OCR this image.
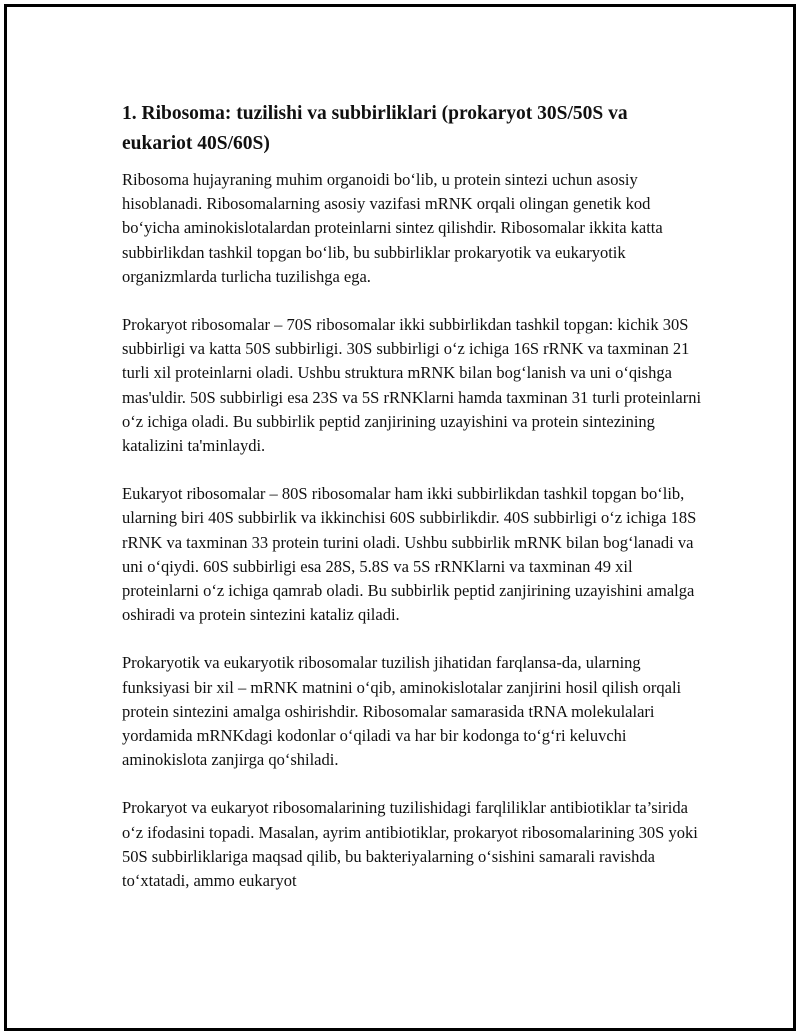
1. Ribosoma: tuzilishi va subbirliklari (prokaryot 30S/50S va eukariot 40S/60S)

Ribosoma hujayraning muhim organoidi bo‘lib, u protein sintezi uchun asosiy hisoblanadi. Ribosomalarning asosiy vazifasi mRNK orqali olingan genetik kod bo‘yicha aminokislotalardan proteinlarni sintez qilishdir. Ribosomalar ikkita katta subbirlikdan tashkil topgan bo‘lib, bu subbirliklar prokaryotik va eukaryotik organizmlarda turlicha tuzilishga ega.

Prokaryot ribosomalar – 70S ribosomalar ikki subbirlikdan tashkil topgan: kichik 30S subbirligi va katta 50S subbirligi. 30S subbirligi o‘z ichiga 16S rRNK va taxminan 21 turli xil proteinlarni oladi. Ushbu struktura mRNK bilan bog‘lanish va uni o‘qishga mas'uldir. 50S subbirligi esa 23S va 5S rRNKlarni hamda taxminan 31 turli proteinlarni o‘z ichiga oladi. Bu subbirlik peptid zanjirining uzayishini va protein sintezining katalizini ta'minlaydi.

Eukaryot ribosomalar – 80S ribosomalar ham ikki subbirlikdan tashkil topgan bo‘lib, ularning biri 40S subbirlik va ikkinchisi 60S subbirlikdir. 40S subbirligi o‘z ichiga 18S rRNK va taxminan 33 protein turini oladi. Ushbu subbirlik mRNK bilan bog‘lanadi va uni o‘qiydi. 60S subbirligi esa 28S, 5.8S va 5S rRNKlarni va taxminan 49 xil proteinlarni o‘z ichiga qamrab oladi. Bu subbirlik peptid zanjirining uzayishini amalga oshiradi va protein sintezini kataliz qiladi.

Prokaryotik va eukaryotik ribosomalar tuzilish jihatidan farqlansa-da, ularning funksiyasi bir xil – mRNK matnini o‘qib, aminokislotalar zanjirini hosil qilish orqali protein sintezini amalga oshirishdir. Ribosomalar samarasida tRNA molekulalari yordamida mRNKdagi kodonlar o‘qiladi va har bir kodonga to‘g‘ri keluvchi aminokislota zanjirga qo‘shiladi.

Prokaryot va eukaryot ribosomalarining tuzilishidagi farqliliklar antibiotiklar ta’sirida o‘z ifodasini topadi. Masalan, ayrim antibiotiklar, prokaryot ribosomalarining 30S yoki 50S subbirliklariga maqsad qilib, bu bakteriyalarning o‘sishini samarali ravishda to‘xtatadi, ammo eukaryot
